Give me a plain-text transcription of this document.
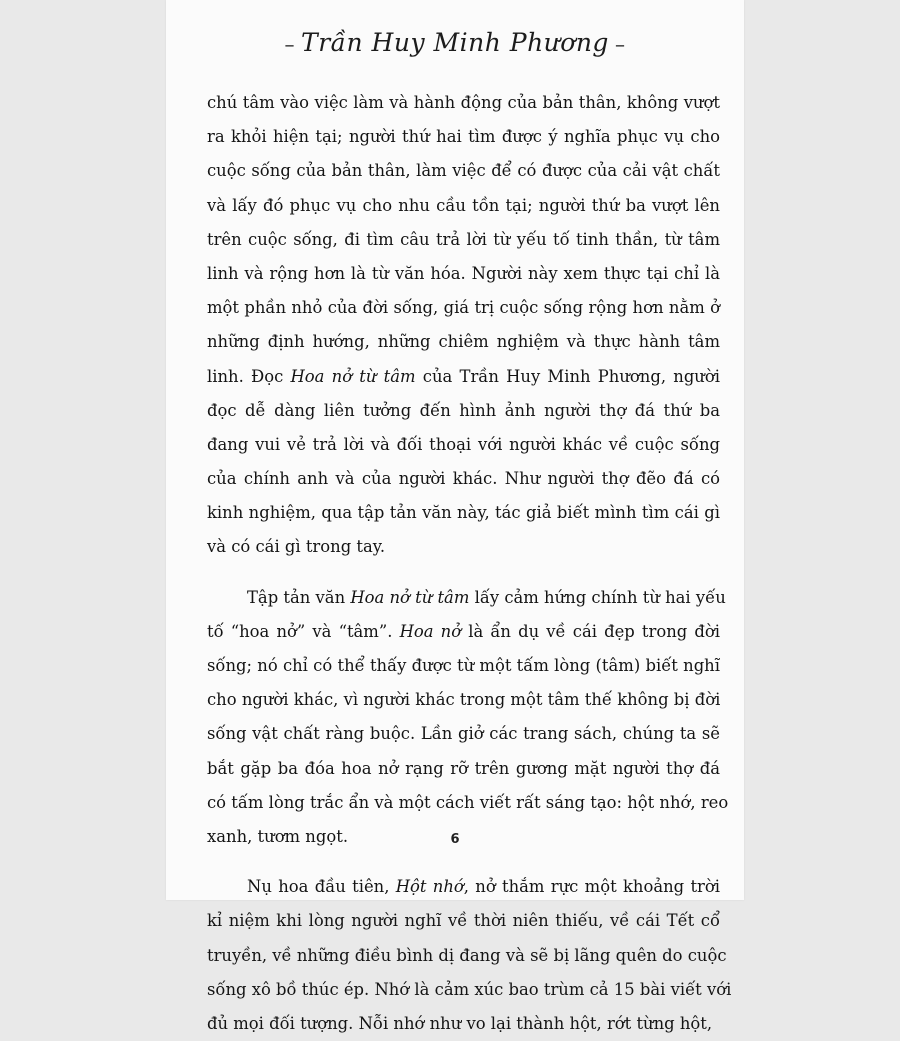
– Trần Huy Minh Phương –
chú tâm vào việc làm và hành động của bản thân, không vượt
ra khỏi hiện tại; người thứ hai tìm được ý nghĩa phục vụ cho
cuộc sống của bản thân, làm việc để có được của cải vật chất
và lấy đó phục vụ cho nhu cầu tồn tại; người thứ ba vượt lên
trên cuộc sống, đi tìm câu trả lời từ yếu tố tinh thần, từ tâm
linh và rộng hơn là từ văn hóa. Người này xem thực tại chỉ là
một phần nhỏ của đời sống, giá trị cuộc sống rộng hơn nằm ở
những định hướng, những chiêm nghiệm và thực hành tâm
linh. Đọc Hoa nở từ tâm của Trần Huy Minh Phương, người
đọc dễ dàng liên tưởng đến hình ảnh người thợ đá thứ ba
đang vui vẻ trả lời và đối thoại với người khác về cuộc sống
của chính anh và của người khác. Như người thợ đẽo đá có
kinh nghiệm, qua tập tản văn này, tác giả biết mình tìm cái gì
và có cái gì trong tay.
Tập tản văn Hoa nở từ tâm lấy cảm hứng chính từ hai yếu
tố “hoa nở” và “tâm”. Hoa nở là ẩn dụ về cái đẹp trong đời
sống; nó chỉ có thể thấy được từ một tấm lòng (tâm) biết nghĩ
cho người khác, vì người khác trong một tâm thế không bị đời
sống vật chất ràng buộc. Lần giở các trang sách, chúng ta sẽ
bắt gặp ba đóa hoa nở rạng rỡ trên gương mặt người thợ đá
có tấm lòng trắc ẩn và một cách viết rất sáng tạo: hột nhớ, reo
xanh, tươm ngọt.
Nụ hoa đầu tiên, Hột nhớ, nở thắm rực một khoảng trời
kỉ niệm khi lòng người nghĩ về thời niên thiếu, về cái Tết cổ
truyền, về những điều bình dị đang và sẽ bị lãng quên do cuộc
sống xô bồ thúc ép. Nhớ là cảm xúc bao trùm cả 15 bài viết với
đủ mọi đối tượng. Nỗi nhớ như vo lại thành hột, rớt từng hột,
6
